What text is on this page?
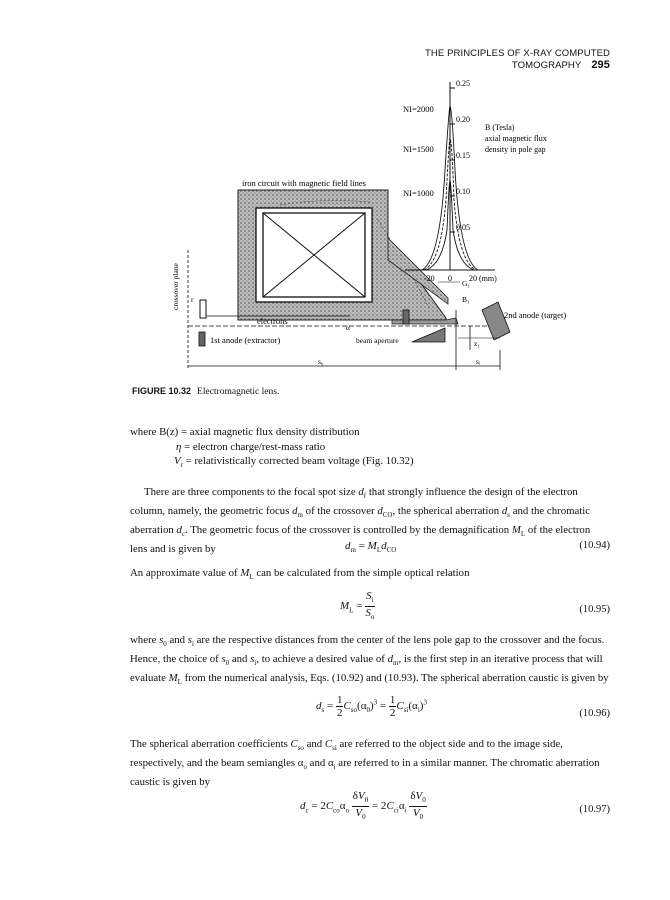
THE PRINCIPLES OF X-RAY COMPUTED TOMOGRAPHY 295
NI=2000
NI=1500
NI=1000
0.25
0.20
0.15
0.10
0.05
B (Tesla)
axial magnetic flux
density in pole gap
-20 0 20 (mm)
iron circuit with magnetic field lines
electrons
1st anode (extractor)	beam aperture
2nd anode (target)
crossover plane r
α
G₁
B₁
z₁
s₀	sᵢ
FIGURE 10.32 Electromagnetic lens.
where B(z) = axial magnetic flux density distribution
η = electron charge/rest-mass ratio
$V_r$ = relativistically corrected beam voltage (Fig. 10.32)
There are three components to the focal spot size $d_f$ that strongly influence the design of the electron column, namely, the geometric focus $d_m$ of the crossover $d_{CO}$, the spherical aberration $d_s$ and the chromatic aberration $d_c$. The geometric focus of the crossover is controlled by the demagnification $M_L$ of the electron lens and is given by	$d_m = M_Ld_{CO}$	(10.94)
An approximate value of $M_L$ can be calculated from the simple optical relation
$M_L = \frac{S_i}{S_o}$	(10.95)
where $s_0$ and $s_i$ are the respective distances from the center of the lens pole gap to the crossover and the focus. Hence, the choice of $s_0$ and $s_i$, to achieve a desired value of $d_m$, is the first step in an iterative process that will evaluate $M_L$ from the numerical analysis, Eqs. (10.92) and (10.93). The spherical aberration caustic is given by
$d_s = \frac{1}{2} C_{so}(\alpha_0)^3 = \frac{1}{2} C_{si}(\alpha_i)^3$
(10.96)
The spherical aberration coefficients $C_{so}$ and $C_{si}$ are referred to the object side and to the image side, respectively, and the beam semiangles $\alpha_o$ and $\alpha_i$ are referred to in a similar manner. The chromatic aberration caustic is given by
$d_c = 2C_{co}\alpha_o \frac{\delta V_0}{V_0} = 2C_{ci}\alpha_i \frac{\delta V_0}{V_0}$	(10.97)
